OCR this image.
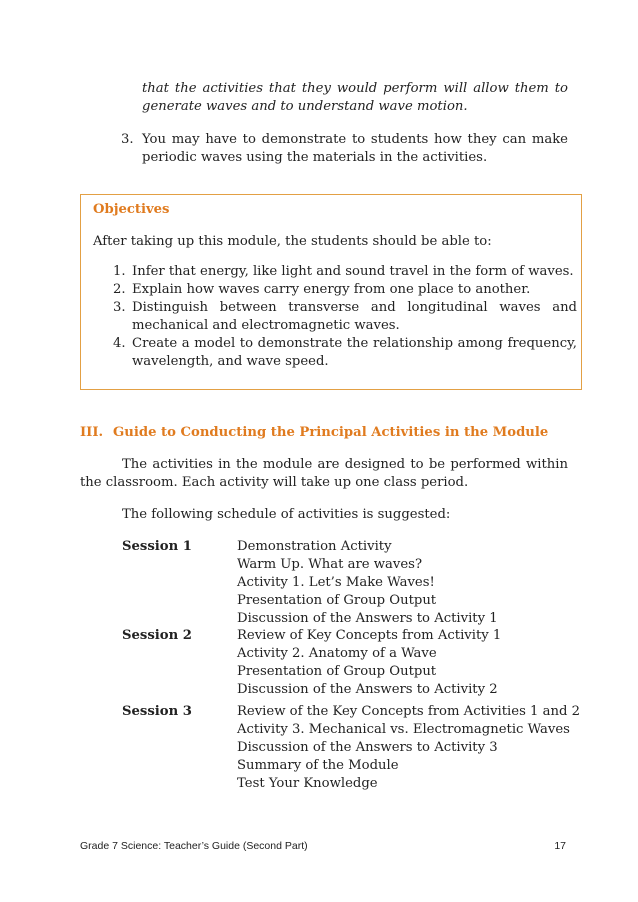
that the activities that they would perform will allow them to generate waves and to understand wave motion.
3. You may have to demonstrate to students how they can make periodic waves using the materials in the activities.
Objectives
After taking up this module, the students should be able to:
1. Infer that energy, like light and sound travel in the form of waves.
2. Explain how waves carry energy from one place to another.
3. Distinguish between transverse and longitudinal waves and mechanical and electromagnetic waves.
4. Create a model to demonstrate the relationship among frequency, wavelength, and wave speed.
III. Guide to Conducting the Principal Activities in the Module
The activities in the module are designed to be performed within the classroom. Each activity will take up one class period.
The following schedule of activities is suggested:
Session 1	Demonstration Activity
Warm Up. What are waves?
Activity 1. Let’s Make Waves!
Presentation of Group Output
Discussion of the Answers to Activity 1
Session 2	Review of Key Concepts from Activity 1
Activity 2. Anatomy of a Wave
Presentation of Group Output
Discussion of the Answers to Activity 2
Session 3	Review of the Key Concepts from Activities 1 and 2
Activity 3. Mechanical vs. Electromagnetic Waves
Discussion of the Answers to Activity 3
Summary of the Module
Test Your Knowledge
Grade 7 Science: Teacher’s Guide (Second Part)	17
